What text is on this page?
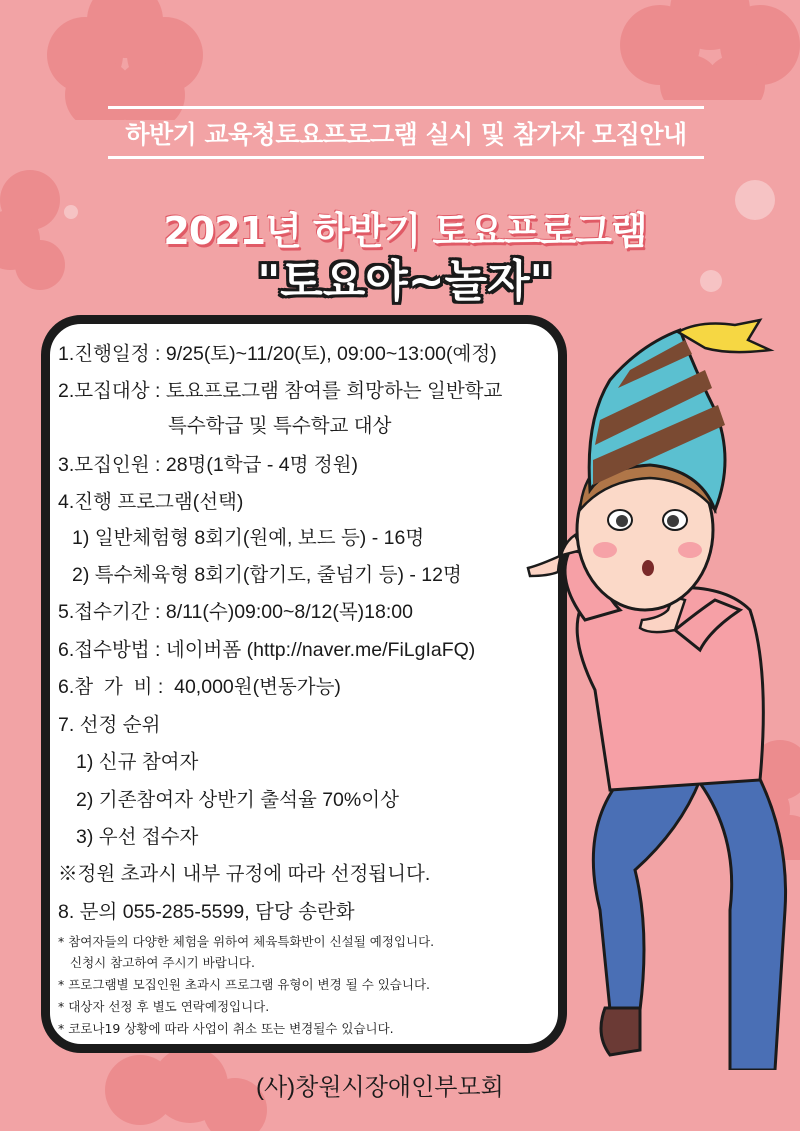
하반기 교육청토요프로그램 실시 및 참가자 모집안내
2021년 하반기 토요프로그램
"토요야~놀자"
1.진행일정 : 9/25(토)~11/20(토), 09:00~13:00(예정)
2.모집대상 : 토요프로그램 참여를 희망하는 일반학교
특수학급 및 특수학교 대상
3.모집인원 : 28명(1학급 - 4명 정원)
4.진행 프로그램(선택)
1) 일반체험형 8회기(원예, 보드 등) - 16명
2) 특수체육형 8회기(합기도, 줄넘기 등) - 12명
5.접수기간 : 8/11(수)09:00~8/12(목)18:00
6.접수방법 : 네이버폼 (http://naver.me/FiLgIaFQ)
6.참  가  비 :  40,000원(변동가능)
7. 선정 순위
1) 신규 참여자
2) 기존참여자 상반기 출석율 70%이상
3) 우선 접수자
※정원 초과시 내부 규정에 따라 선정됩니다.
8. 문의 055-285-5599, 담당 송란화
* 참여자들의 다양한 체험을 위하여 체육특화반이 신설될 예정입니다.
신청시 참고하여 주시기 바랍니다.
* 프로그램별 모집인원 초과시 프로그램 유형이 변경 될 수 있습니다.
* 대상자 선정 후 별도 연락예정입니다.
* 코로나19 상황에 따라 사업이 취소 또는 변경될수 있습니다.
(사)창원시장애인부모회
